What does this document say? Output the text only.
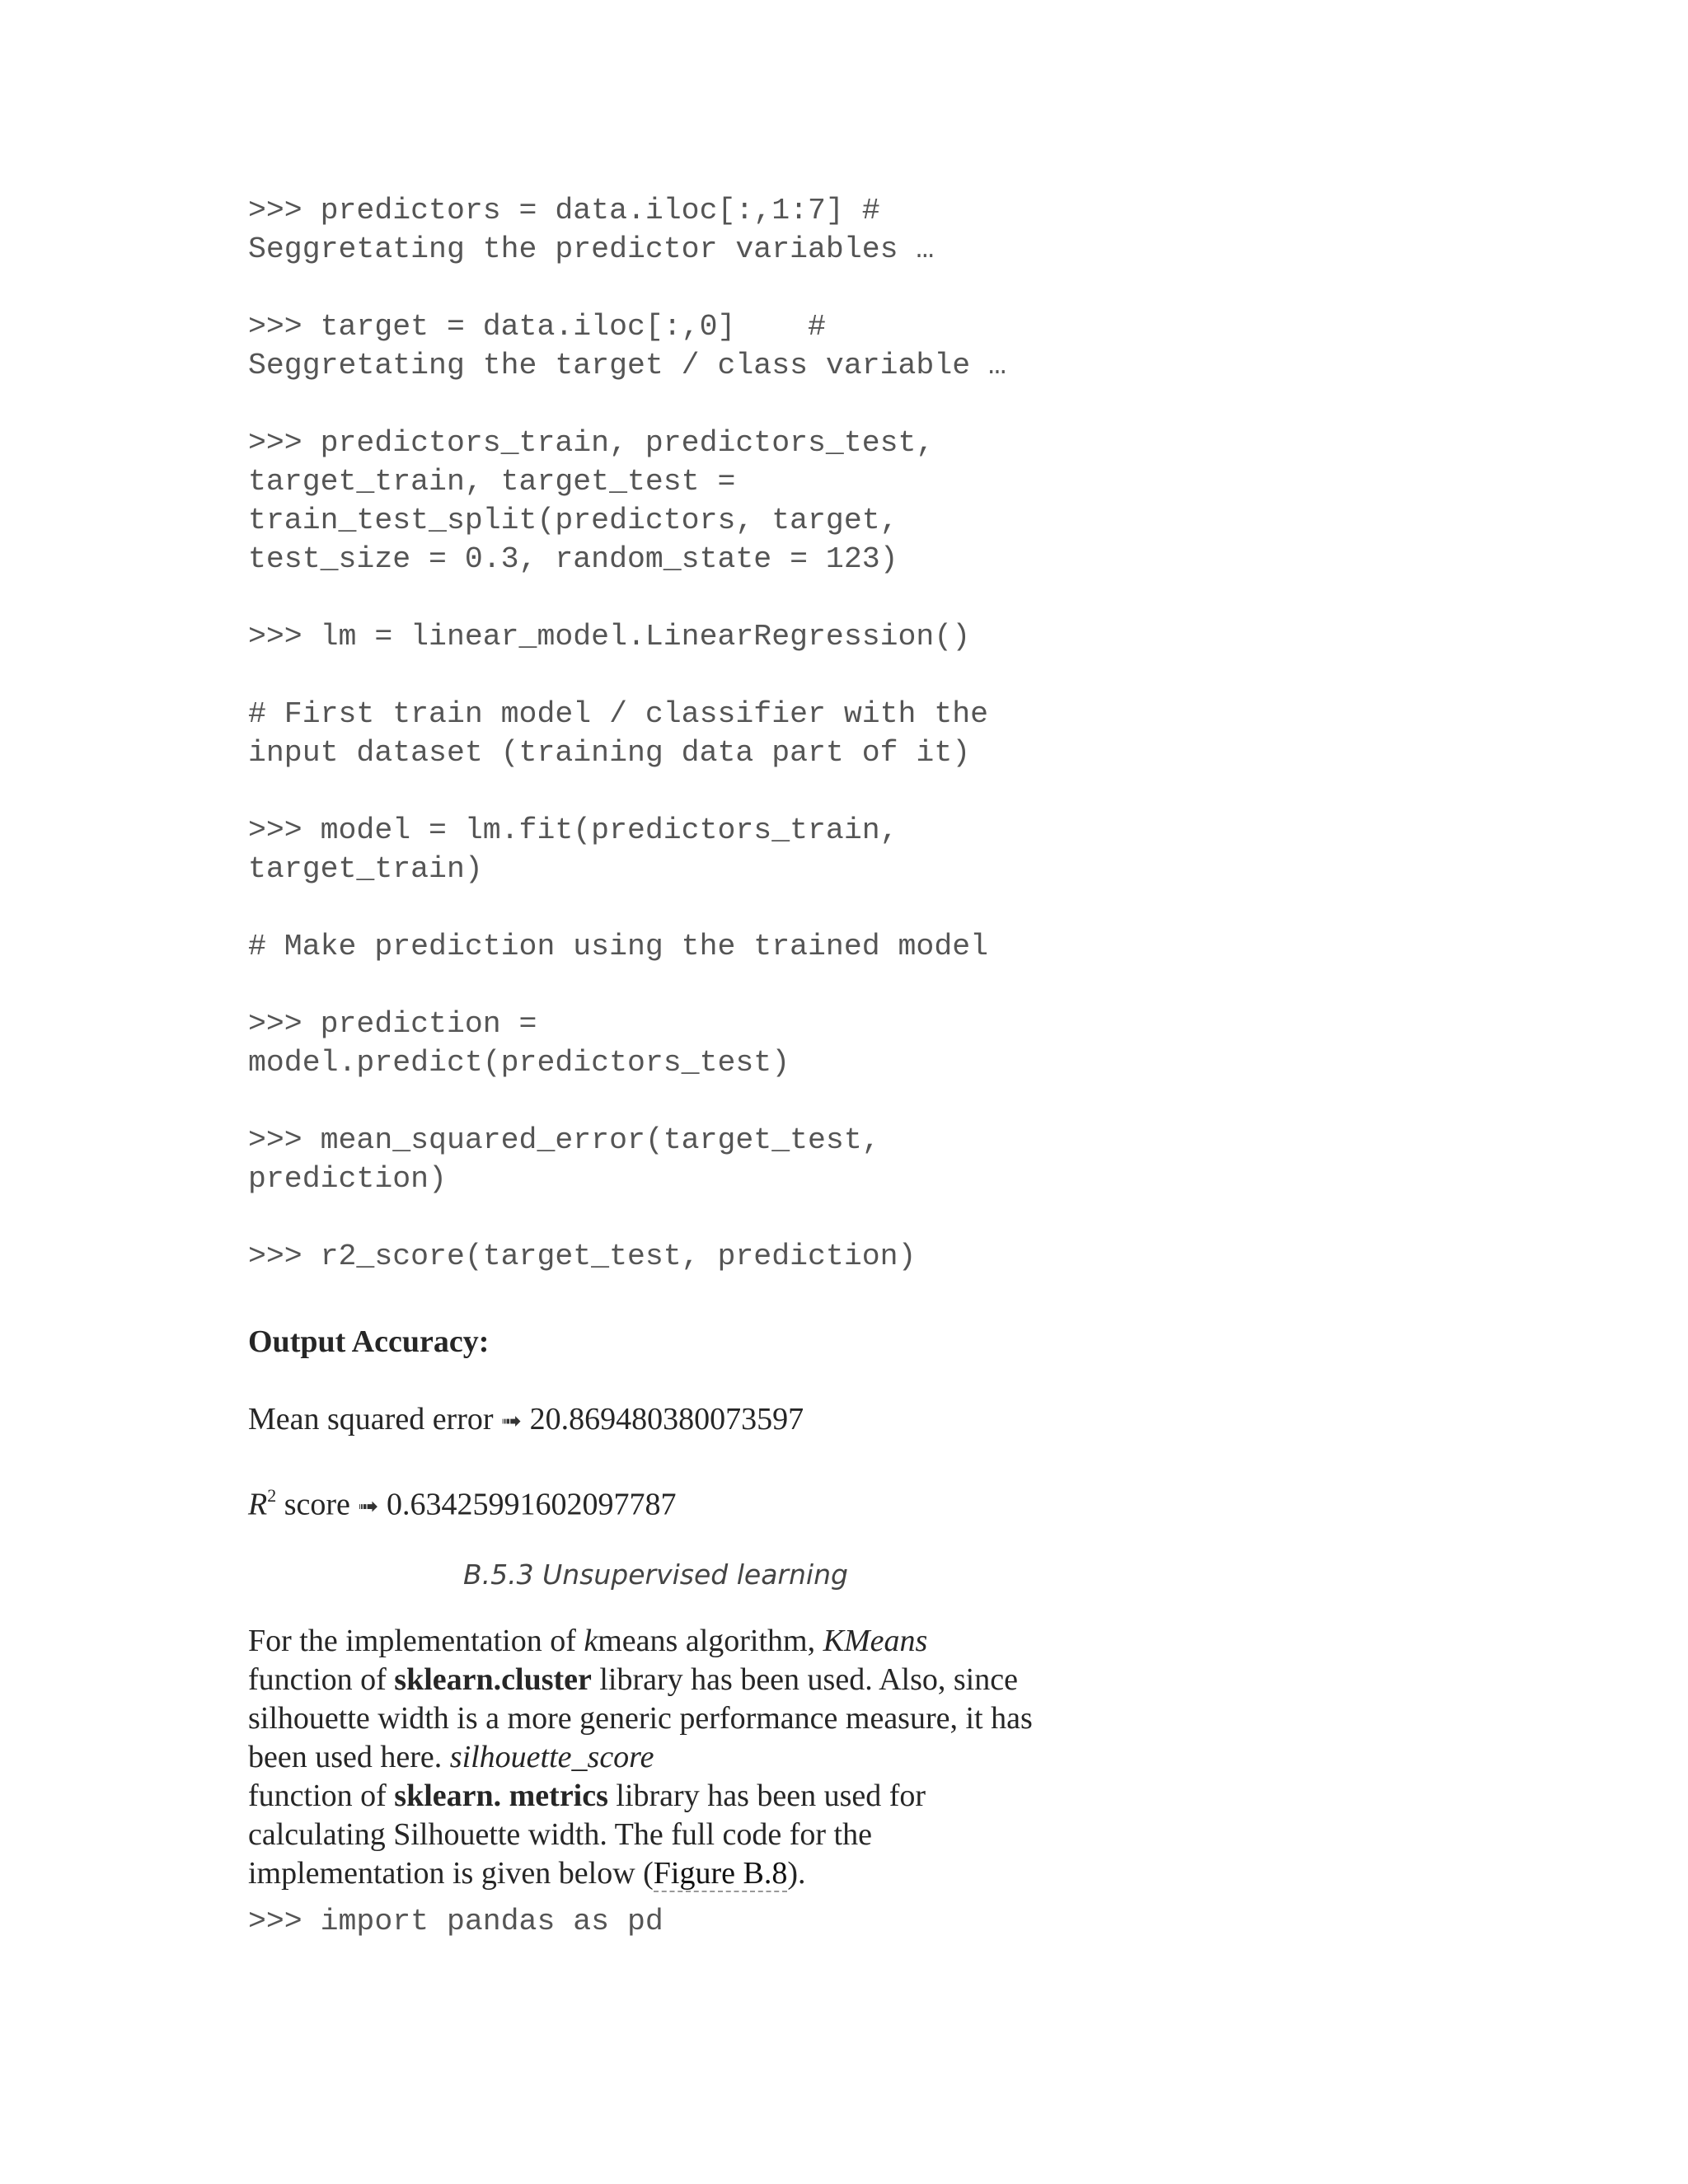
>>> predictors = data.iloc[:,1:7] #
Seggretating the predictor variables …

>>> target = data.iloc[:,0]    #
Seggretating the target / class variable …

>>> predictors_train, predictors_test,
target_train, target_test =
train_test_split(predictors, target,
test_size = 0.3, random_state = 123)

>>> lm = linear_model.LinearRegression()

# First train model / classifier with the
input dataset (training data part of it)

>>> model = lm.fit(predictors_train,
target_train)

# Make prediction using the trained model

>>> prediction =
model.predict(predictors_test)

>>> mean_squared_error(target_test,
prediction)

>>> r2_score(target_test, prediction)
Output Accuracy:
Mean squared error ➟ 20.869480380073597
$R^2$ score ➟ 0.63425991602097787
B.5.3 Unsupervised learning
For the implementation of kmeans algorithm, KMeans
function of sklearn.cluster library has been used. Also, since silhouette width is a more generic performance measure, it has been used here. silhouette_score
function of sklearn. metrics library has been used for calculating Silhouette width. The full code for the implementation is given below (Figure B.8).
>>> import pandas as pd
